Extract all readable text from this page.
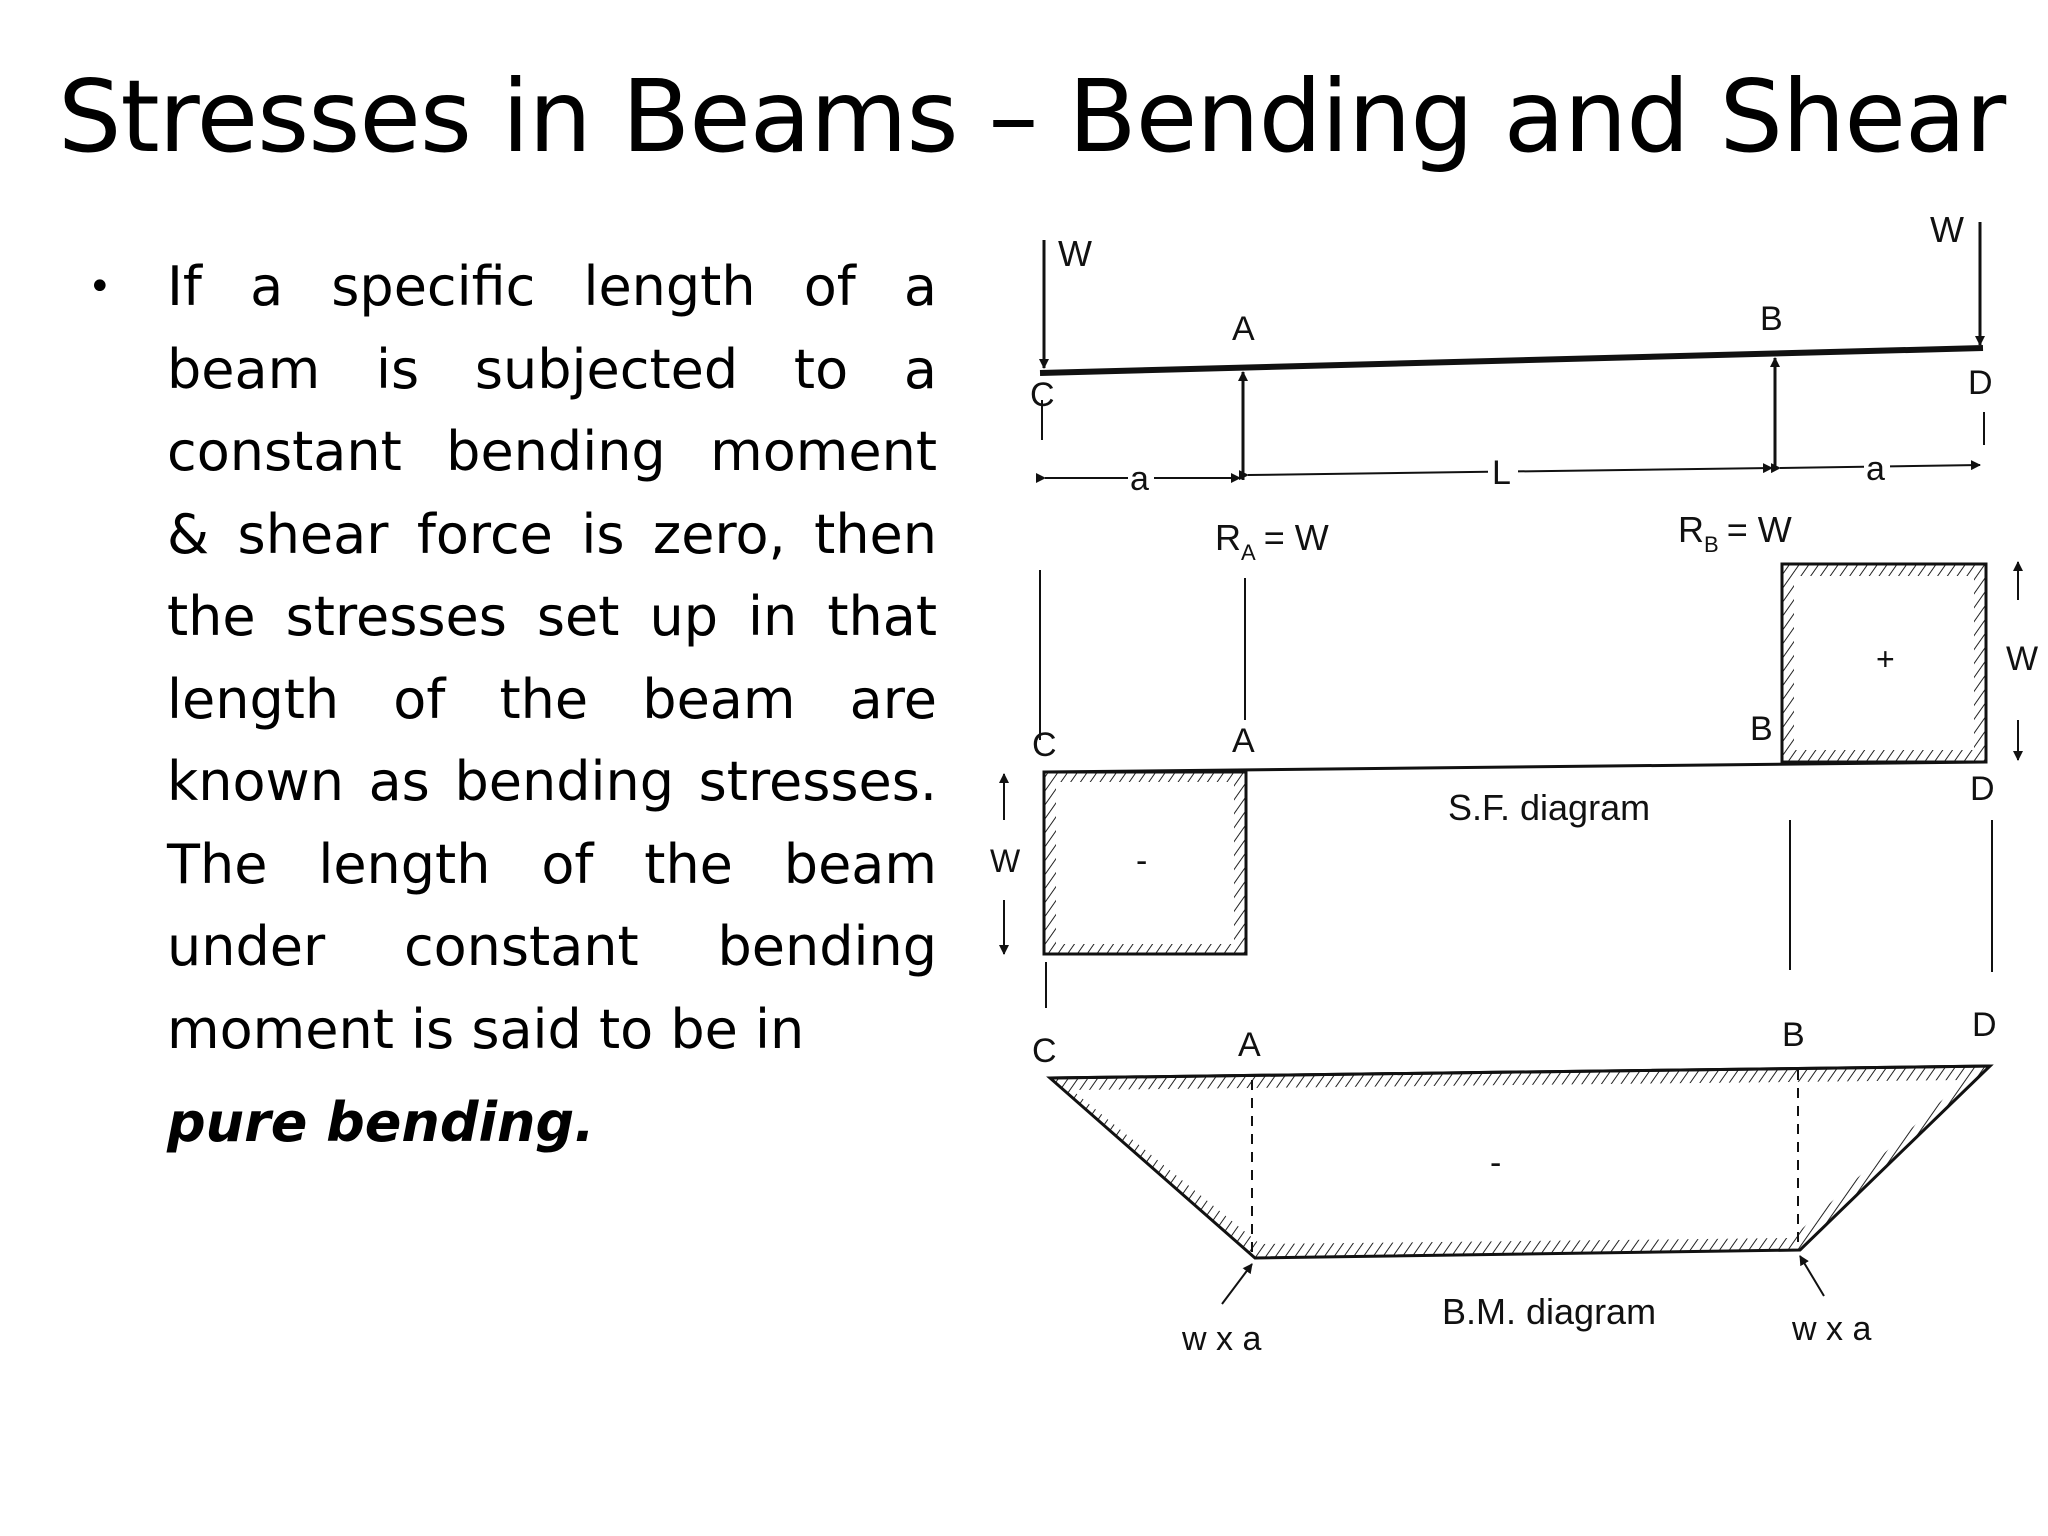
Stresses in Beams – Bending and Shear
• If a specific length of a beam is subjected to a constant bending moment & shear force is zero, then the stresses set up in that length of the beam are known as bending stresses. The length of the beam under constant bending moment is said to be in

pure bending.
W
W
C	D
A	B
a	L	a
$R_A = W$	$R_B = W$
+	W
-
W
C	A	B
D
S.F. diagram
-
C	A	B	D
w x a	w x a
B.M. diagram
